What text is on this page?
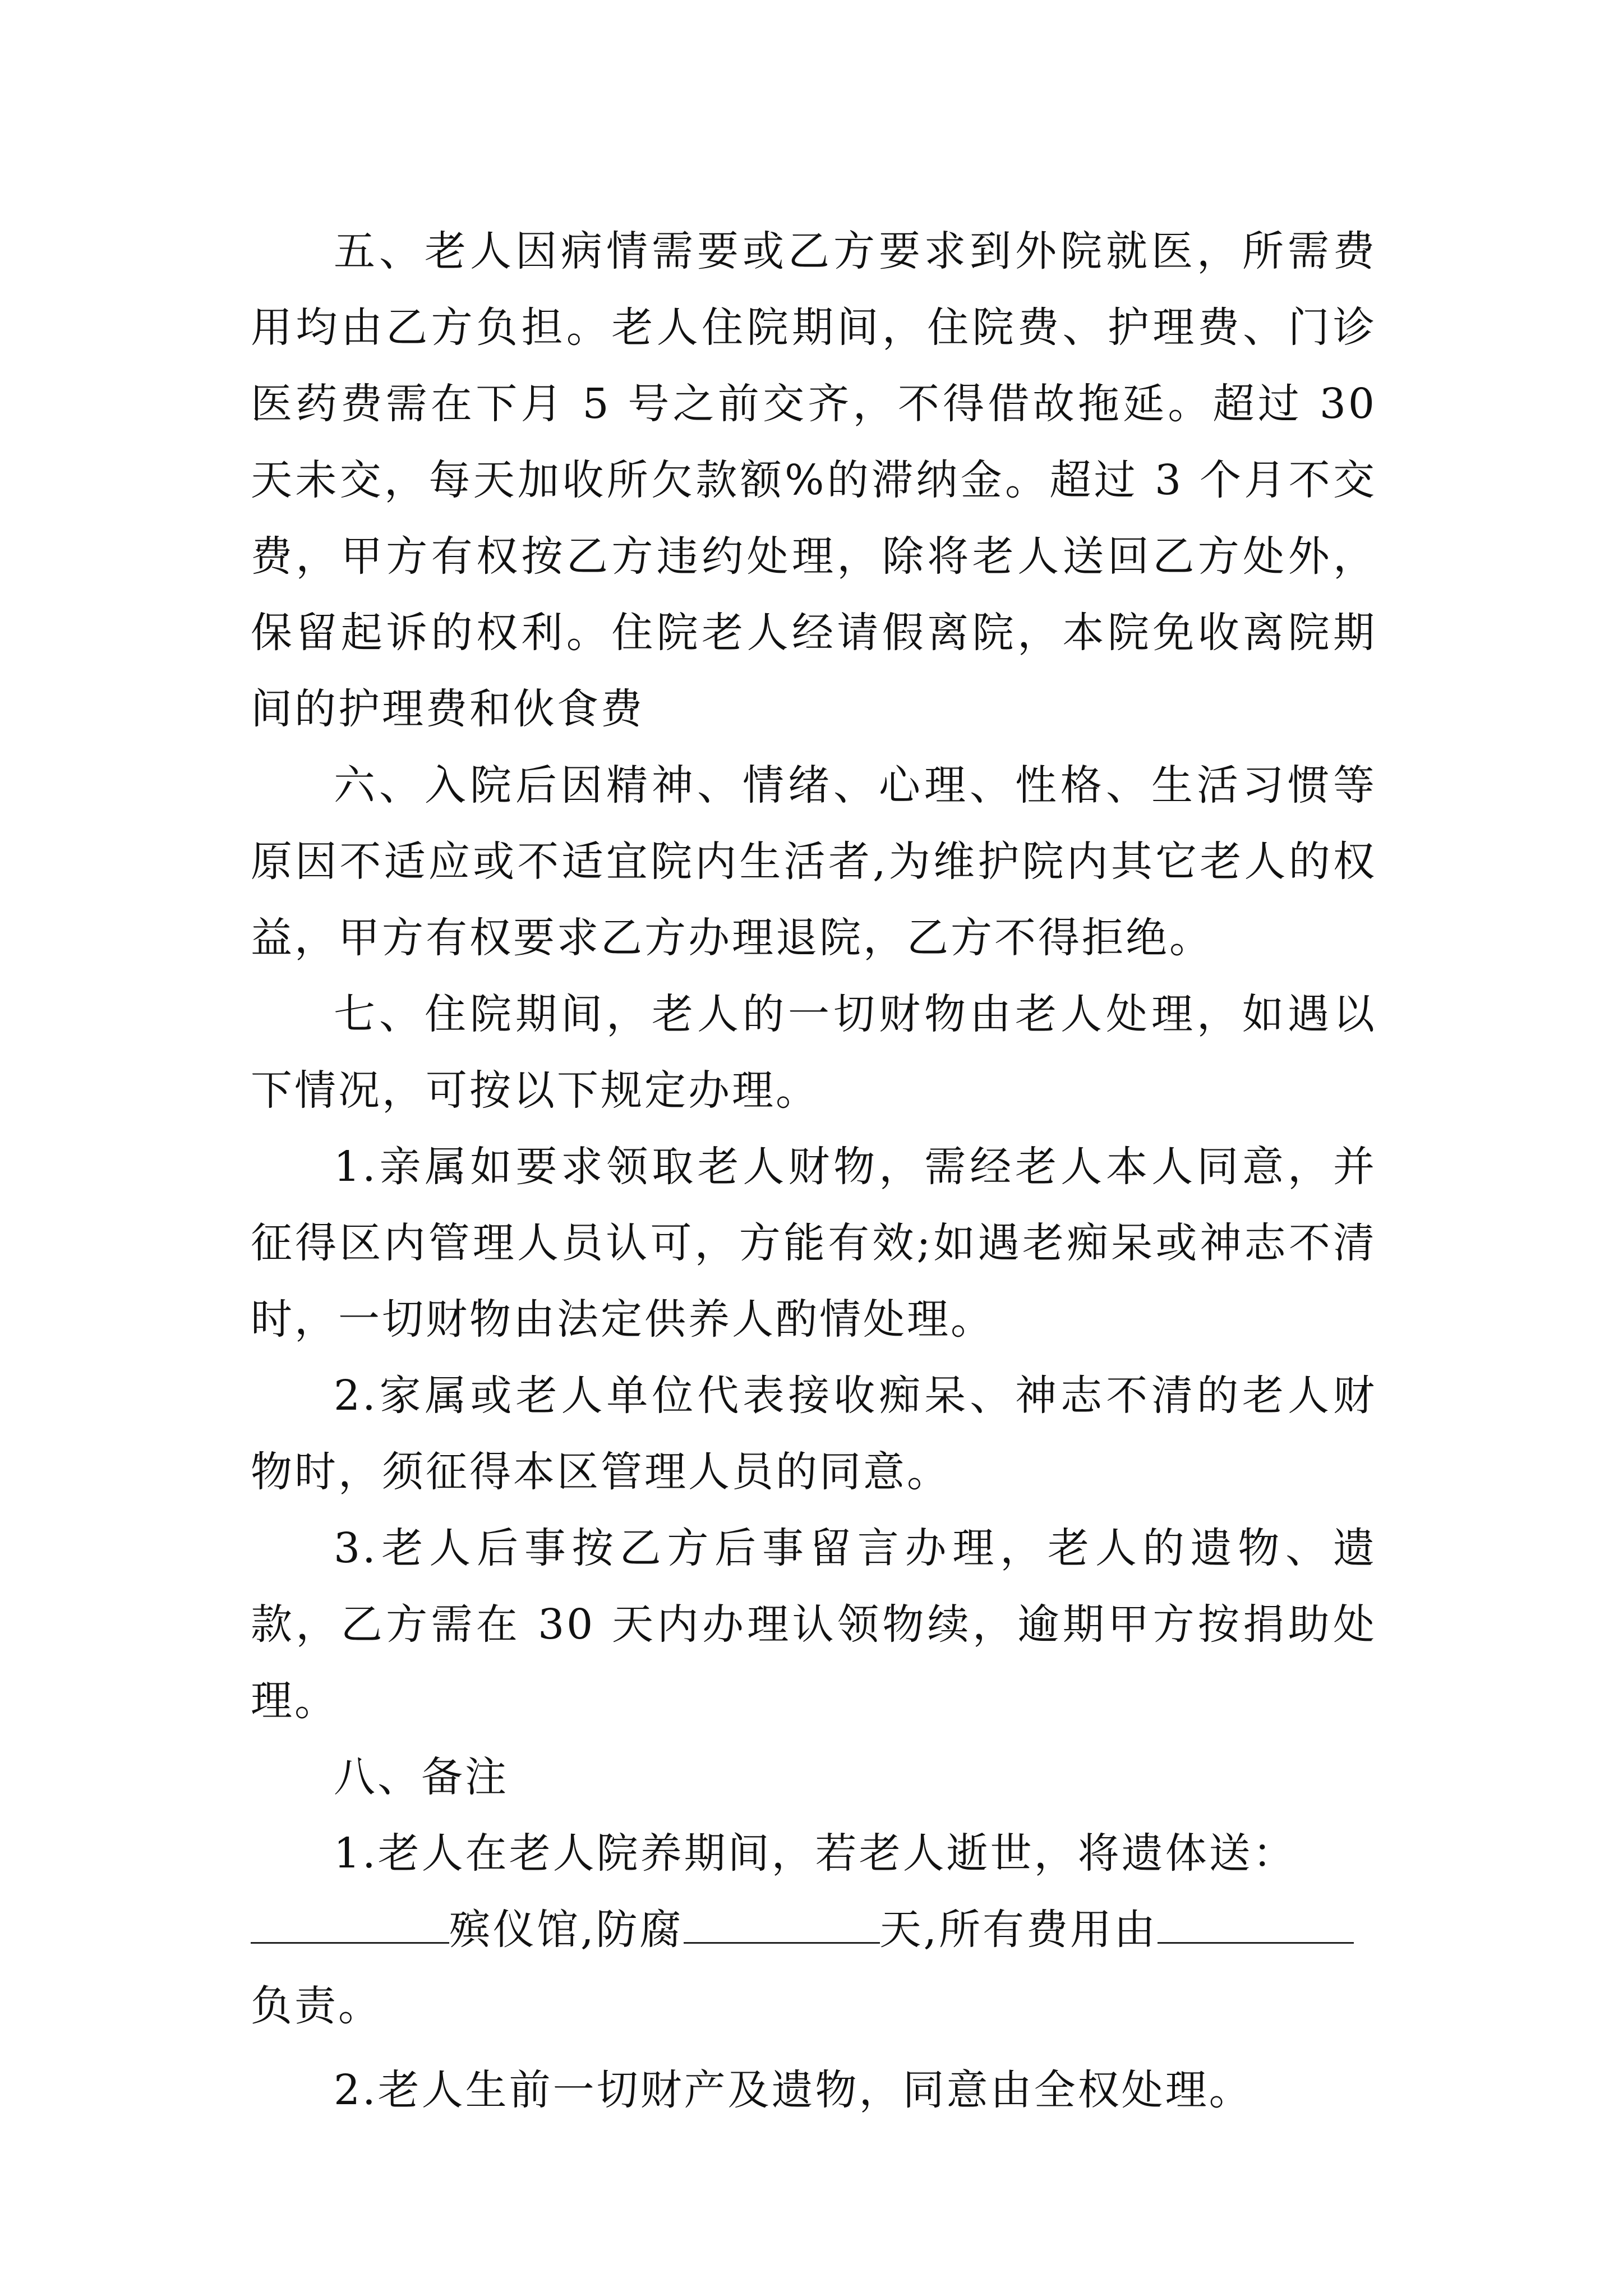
五、老人因病情需要或乙方要求到外院就医，所需费用均由乙方负担。老人住院期间，住院费、护理费、门诊医药费需在下月 5 号之前交齐，不得借故拖延。超过 30 天未交，每天加收所欠款额%的滞纳金。超过 3 个月不交费，甲方有权按乙方违约处理，除将老人送回乙方处外，保留起诉的权利。住院老人经请假离院，本院免收离院期间的护理费和伙食费

六、入院后因精神、情绪、心理、性格、生活习惯等原因不适应或不适宜院内生活者,为维护院内其它老人的权益，甲方有权要求乙方办理退院，乙方不得拒绝。

七、住院期间，老人的一切财物由老人处理，如遇以下情况，可按以下规定办理。

1.亲属如要求领取老人财物，需经老人本人同意，并征得区内管理人员认可，方能有效;如遇老痴呆或神志不清时，一切财物由法定供养人酌情处理。

2.家属或老人单位代表接收痴呆、神志不清的老人财物时，须征得本区管理人员的同意。

3.老人后事按乙方后事留言办理，老人的遗物、遗款，乙方需在 30 天内办理认领物续，逾期甲方按捐助处理。

八、备注

1.老人在老人院养期间，若老人逝世，将遗体送：

殡仪馆,防腐	天,所有费用由

负责。

2.老人生前一切财产及遗物，同意由全权处理。
